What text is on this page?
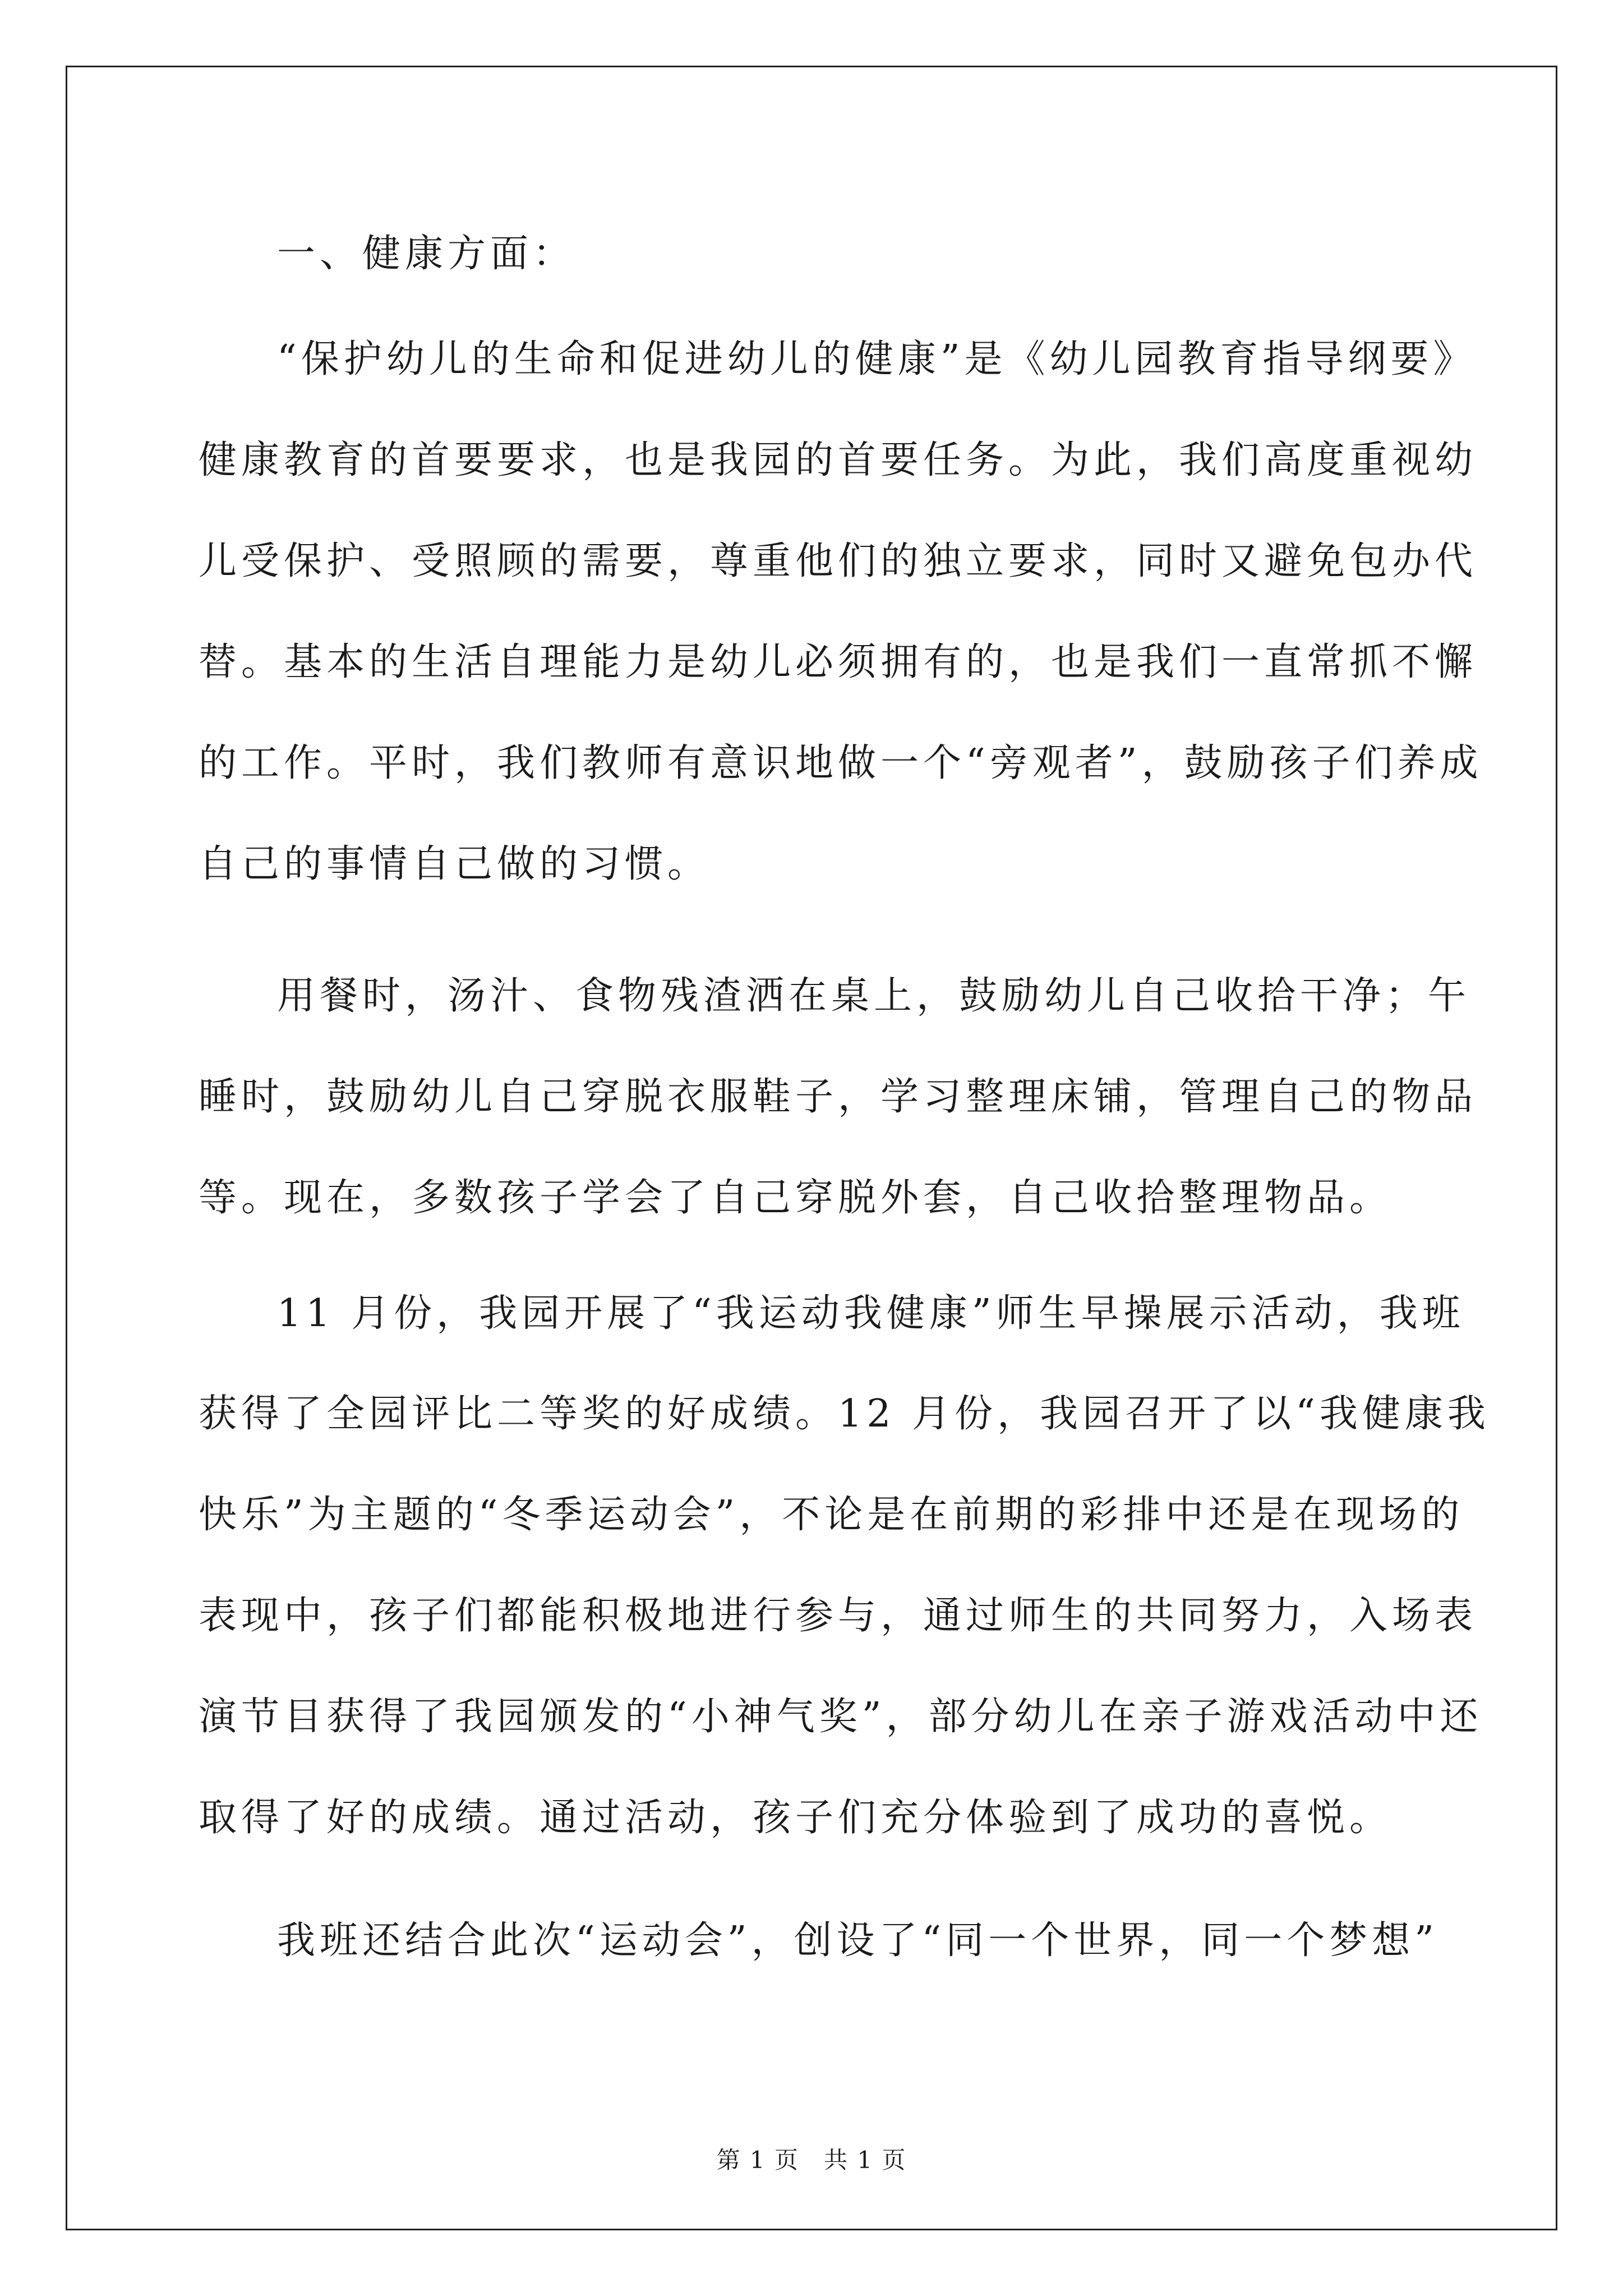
一、健康方面：
“保护幼儿的生命和促进幼儿的健康”是《幼儿园教育指导纲要》
健康教育的首要要求，也是我园的首要任务。为此，我们高度重视幼
儿受保护、受照顾的需要，尊重他们的独立要求，同时又避免包办代
替。基本的生活自理能力是幼儿必须拥有的，也是我们一直常抓不懈
的工作。平时，我们教师有意识地做一个“旁观者”，鼓励孩子们养成
自己的事情自己做的习惯。
用餐时，汤汁、食物残渣洒在桌上，鼓励幼儿自己收拾干净；午
睡时，鼓励幼儿自己穿脱衣服鞋子，学习整理床铺，管理自己的物品
等。现在，多数孩子学会了自己穿脱外套，自己收拾整理物品。
11 月份，我园开展了“我运动我健康”师生早操展示活动，我班
获得了全园评比二等奖的好成绩。12 月份，我园召开了以“我健康我
快乐”为主题的“冬季运动会”，不论是在前期的彩排中还是在现场的
表现中，孩子们都能积极地进行参与，通过师生的共同努力，入场表
演节目获得了我园颁发的“小神气奖”，部分幼儿在亲子游戏活动中还
取得了好的成绩。通过活动，孩子们充分体验到了成功的喜悦。
我班还结合此次“运动会”，创设了“同一个世界，同一个梦想”
第 1 页　共 1 页
